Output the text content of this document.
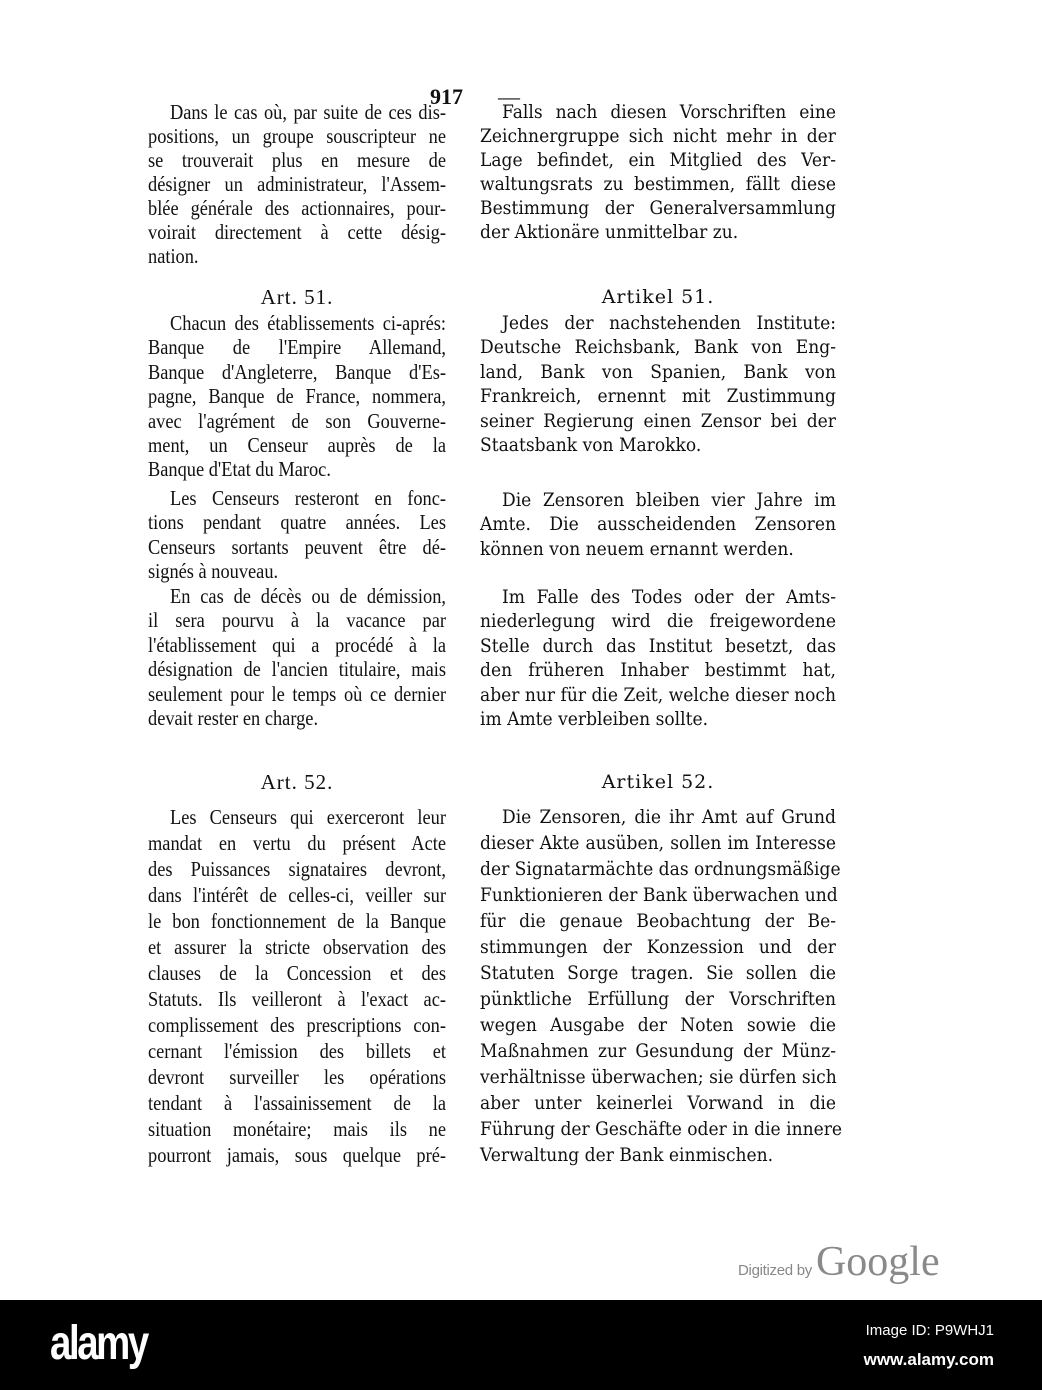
917 —
Art. 51.	Artikel 51.
Art. 52.	Artikel 52.
Dans le cas où, par suite de ces dis-
positions, un groupe souscripteur ne
se trouverait plus en mesure de
désigner un administrateur, l'Assem-
blée générale des actionnaires, pour-
voirait directement à cette désig-
nation.
Falls nach diesen Vorschriften eine
Zeichnergruppe sich nicht mehr in der
Lage befindet, ein Mitglied des Ver-
waltungsrats zu bestimmen, fällt diese
Bestimmung der Generalversammlung
der Aktionäre unmittelbar zu.
Chacun des établissements ci-aprés:
Banque de l'Empire Allemand,
Banque d'Angleterre, Banque d'Es-
pagne, Banque de France, nommera,
avec l'agrément de son Gouverne-
ment, un Censeur auprès de la
Banque d'Etat du Maroc.
Les Censeurs resteront en fonc-
tions pendant quatre années. Les
Censeurs sortants peuvent être dé-
signés à nouveau.
En cas de décès ou de démission,
il sera pourvu à la vacance par
l'établissement qui a procédé à la
désignation de l'ancien titulaire, mais
seulement pour le temps où ce dernier
devait rester en charge.
Jedes der nachstehenden Institute:
Deutsche Reichsbank, Bank von Eng-
land, Bank von Spanien, Bank von
Frankreich, ernennt mit Zustimmung
seiner Regierung einen Zensor bei der
Staatsbank von Marokko.
Die Zensoren bleiben vier Jahre im
Amte. Die ausscheidenden Zensoren
können von neuem ernannt werden.
Im Falle des Todes oder der Amts-
niederlegung wird die freigewordene
Stelle durch das Institut besetzt, das
den früheren Inhaber bestimmt hat,
aber nur für die Zeit, welche dieser noch
im Amte verbleiben sollte.
Les Censeurs qui exerceront leur
mandat en vertu du présent Acte
des Puissances signataires devront,
dans l'intérêt de celles-ci, veiller sur
le bon fonctionnement de la Banque
et assurer la stricte observation des
clauses de la Concession et des
Statuts. Ils veilleront à l'exact ac-
complissement des prescriptions con-
cernant l'émission des billets et
devront surveiller les opérations
tendant à l'assainissement de la
situation monétaire; mais ils ne
pourront jamais, sous quelque pré-
Die Zensoren, die ihr Amt auf Grund
dieser Akte ausüben, sollen im Interesse
der Signatarmächte das ordnungsmäßige
Funktionieren der Bank überwachen und
für die genaue Beobachtung der Be-
stimmungen der Konzession und der
Statuten Sorge tragen. Sie sollen die
pünktliche Erfüllung der Vorschriften
wegen Ausgabe der Noten sowie die
Maßnahmen zur Gesundung der Münz-
verhältnisse überwachen; sie dürfen sich
aber unter keinerlei Vorwand in die
Führung der Geschäfte oder in die innere
Verwaltung der Bank einmischen.
Digitized by Google
alamy	Image ID: P9WHJ1
www.alamy.com
